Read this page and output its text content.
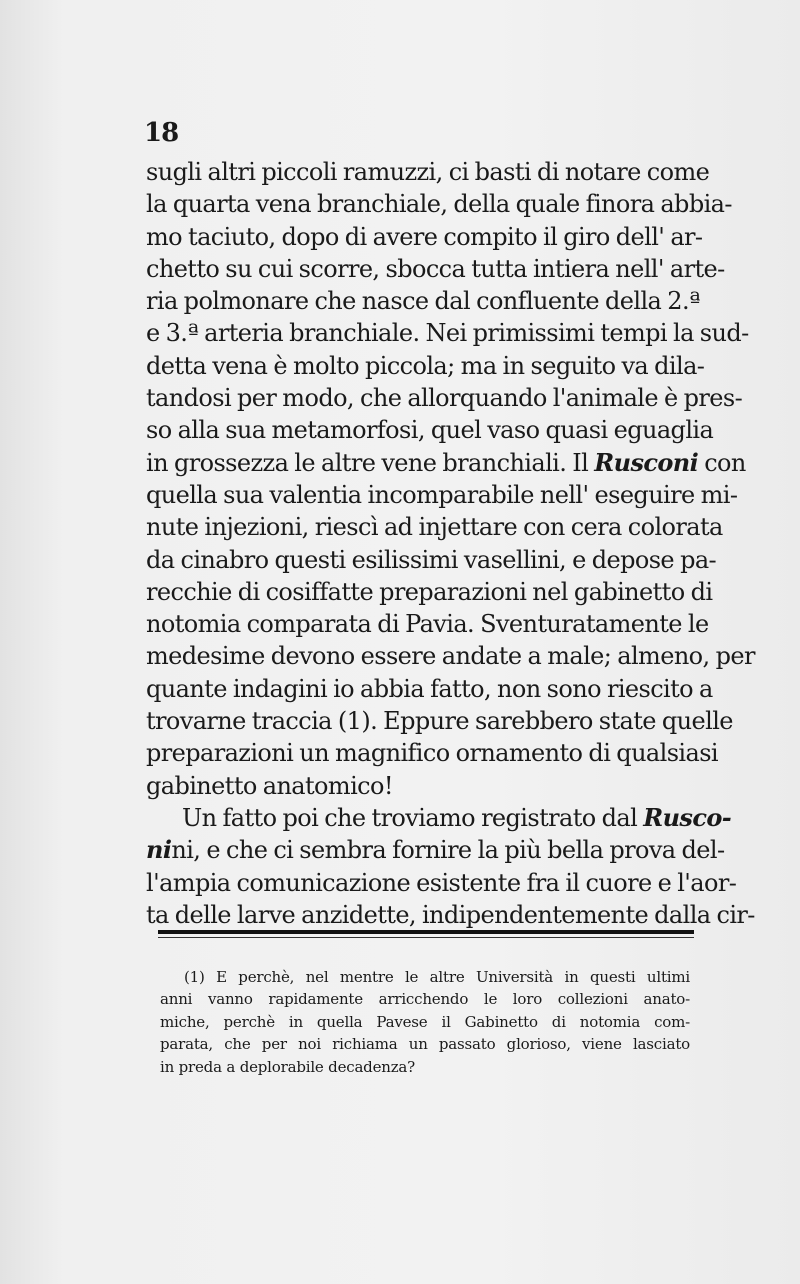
18
sugli altri piccoli ramuzzi, ci basti di notare come
la quarta vena branchiale, della quale finora abbia-
mo taciuto, dopo di avere compito il giro dell' ar-
chetto su cui scorre, sbocca tutta intiera nell' arte-
ria polmonare che nasce dal confluente della 2.ª
e 3.ª arteria branchiale. Nei primissimi tempi la sud-
detta vena è molto piccola; ma in seguito va dila-
tandosi per modo, che allorquando l'animale è pres-
so alla sua metamorfosi, quel vaso quasi eguaglia
in grossezza le altre vene branchiali. Il Rusconi con
quella sua valentia incomparabile nell' eseguire mi-
nute injezioni, riescì ad injettare con cera colorata
da cinabro questi esilissimi vasellini, e depose pa-
recchie di cosiffatte preparazioni nel gabinetto di
notomia comparata di Pavia. Sventuratamente le
medesime devono essere andate a male; almeno, per
quante indagini io abbia fatto, non sono riescito a
trovarne traccia (1). Eppure sarebbero state quelle
preparazioni un magnifico ornamento di qualsiasi
gabinetto anatomico!
Un fatto poi che troviamo registrato dal Rusco-
nini, e che ci sembra fornire la più bella prova del-
l'ampia comunicazione esistente fra il cuore e l'aor-
ta delle larve anzidette, indipendentemente dalla cir-
(1) E perchè, nel mentre le altre Università in questi ultimi
anni vanno rapidamente arricchendo le loro collezioni anato-
miche, perchè in quella Pavese il Gabinetto di notomia com-
parata, che per noi richiama un passato glorioso, viene lasciato
in preda a deplorabile decadenza?
